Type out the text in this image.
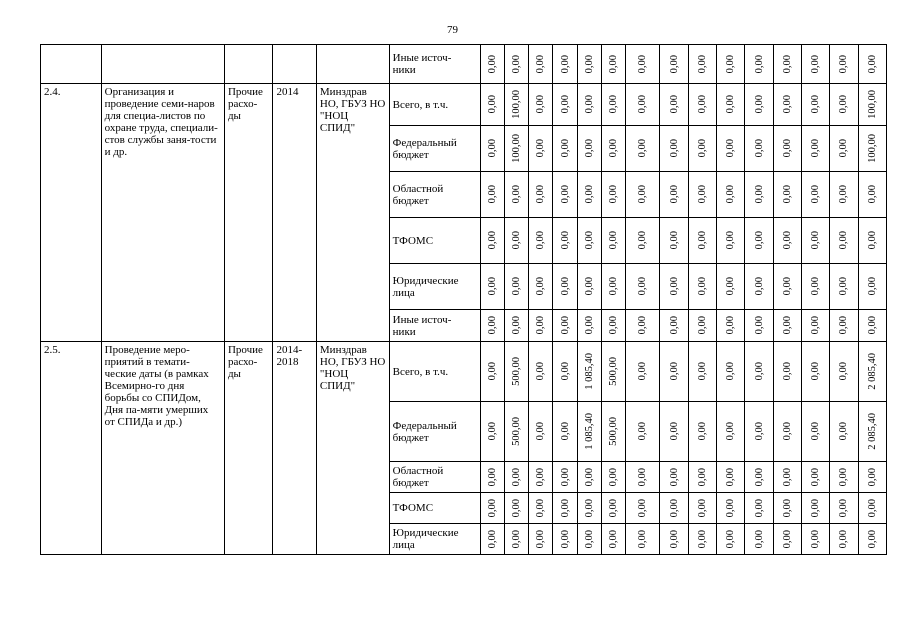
79
					Иные источ-
ники	0,00	0,00	0,00	0,00	0,00	0,00	0,00	0,00	0,00	0,00	0,00	0,00	0,00	0,00	0,00

2.4.	Организация и проведение семи-наров для специа-листов по охране труда, специали-стов службы заня-тости и др.	Прочие расхо-ды	2014	Минздрав НО, ГБУЗ НО "НОЦ СПИД"	Всего, в т.ч.	0,00	100,00	0,00	0,00	0,00	0,00	0,00	0,00	0,00	0,00	0,00	0,00	0,00	0,00	100,00

					Федеральный бюджет	0,00	100,00	0,00	0,00	0,00	0,00	0,00	0,00	0,00	0,00	0,00	0,00	0,00	0,00	100,00

					Областной бюджет	0,00	0,00	0,00	0,00	0,00	0,00	0,00	0,00	0,00	0,00	0,00	0,00	0,00	0,00	0,00

					ТФОМС	0,00	0,00	0,00	0,00	0,00	0,00	0,00	0,00	0,00	0,00	0,00	0,00	0,00	0,00	0,00

					Юридические лица	0,00	0,00	0,00	0,00	0,00	0,00	0,00	0,00	0,00	0,00	0,00	0,00	0,00	0,00	0,00

					Иные источ-
ники	0,00	0,00	0,00	0,00	0,00	0,00	0,00	0,00	0,00	0,00	0,00	0,00	0,00	0,00	0,00

2.5.	Проведение меро-приятий в темати-ческие даты (в рамках Всемирно-го дня борьбы со СПИДом, Дня па-мяти умерших от СПИДа и др.)	Прочие расхо-ды	2014-2018	Минздрав НО, ГБУЗ НО "НОЦ СПИД"	Всего, в т.ч.	0,00	500,00	0,00	0,00	1 085,40	500,00	0,00	0,00	0,00	0,00	0,00	0,00	0,00	0,00	2 085,40

					Федеральный бюджет	0,00	500,00	0,00	0,00	1 085,40	500,00	0,00	0,00	0,00	0,00	0,00	0,00	0,00	0,00	2 085,40

					Областной бюджет	0,00	0,00	0,00	0,00	0,00	0,00	0,00	0,00	0,00	0,00	0,00	0,00	0,00	0,00	0,00

					ТФОМС	0,00	0,00	0,00	0,00	0,00	0,00	0,00	0,00	0,00	0,00	0,00	0,00	0,00	0,00	0,00

					Юридические лица	0,00	0,00	0,00	0,00	0,00	0,00	0,00	0,00	0,00	0,00	0,00	0,00	0,00	0,00	0,00
